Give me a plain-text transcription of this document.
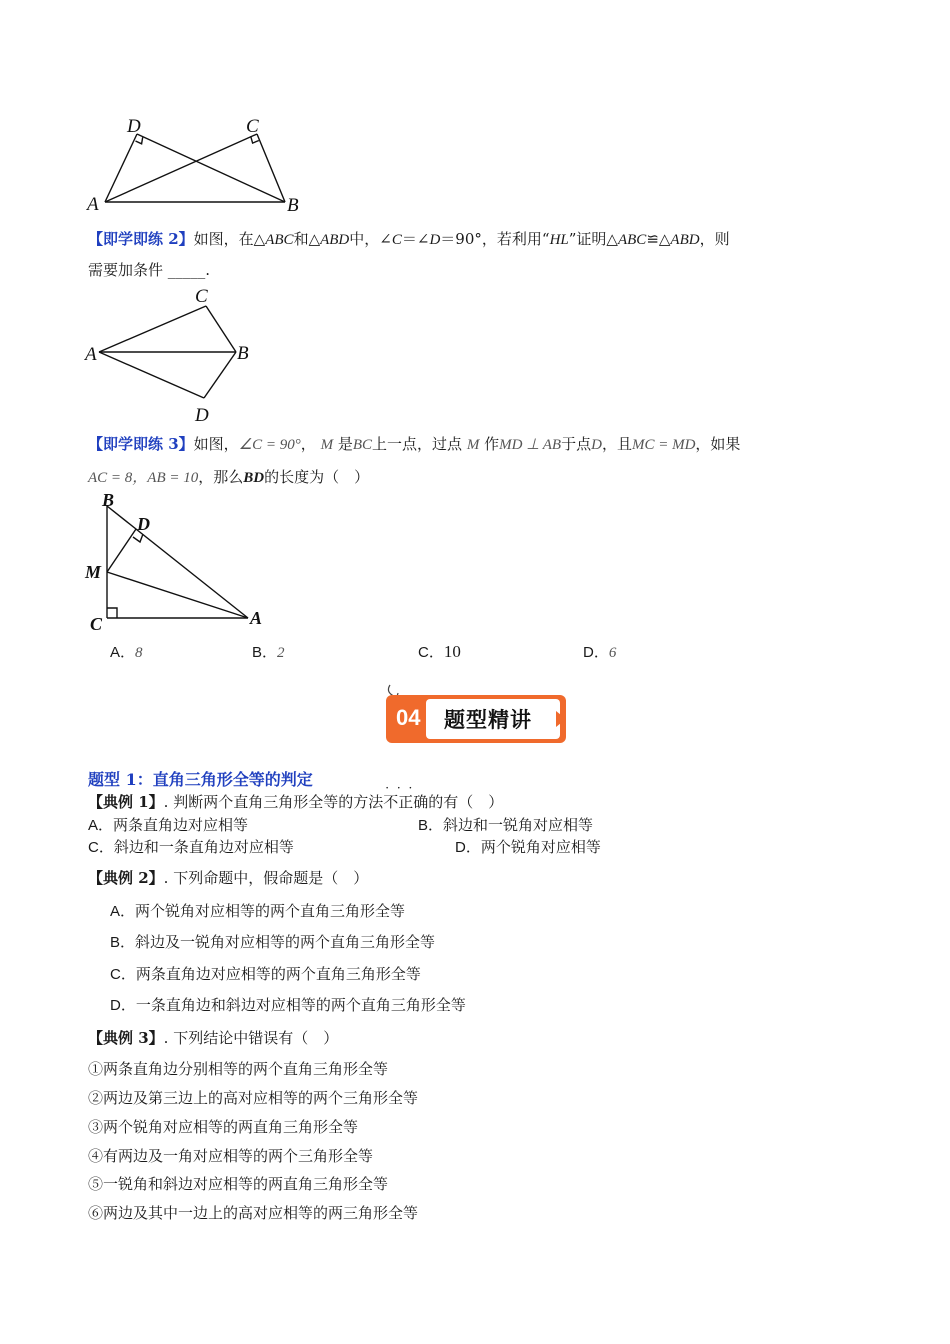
D	C
A	B
【即学即练 2】如图，在△ABC和△ABD中，∠C＝∠D＝90°，若利用“HL”证明△ABC≌△ABD，则
需要加条件 _____.
C
A	B
D
【即学即练 3】如图，∠C = 90°， M 是BC上一点，过点 M 作MD ⊥ AB于点D，且MC = MD，如果
AC = 8，AB = 10，那么BD的长度为（　）
B
D
M
C	A
A．8	B．2	C．10	D．6
04 题型精讲
题型 1：直角三角形全等的判定
【典例 1】. 判断两个直角三角形全等的方法· · · 不正确的有（　）
A．两条直角边对应相等	B．斜边和一锐角对应相等
C．斜边和一条直角边对应相等	D．两个锐角对应相等
【典例 2】. 下列命题中，假命题是（　）
A．两个锐角对应相等的两个直角三角形全等
B．斜边及一锐角对应相等的两个直角三角形全等
C．两条直角边对应相等的两个直角三角形全等
D．一条直角边和斜边对应相等的两个直角三角形全等
【典例 3】. 下列结论中错误有（　）
①两条直角边分别相等的两个直角三角形全等
②两边及第三边上的高对应相等的两个三角形全等
③两个锐角对应相等的两直角三角形全等
④有两边及一角对应相等的两个三角形全等
⑤一锐角和斜边对应相等的两直角三角形全等
⑥两边及其中一边上的高对应相等的两三角形全等
